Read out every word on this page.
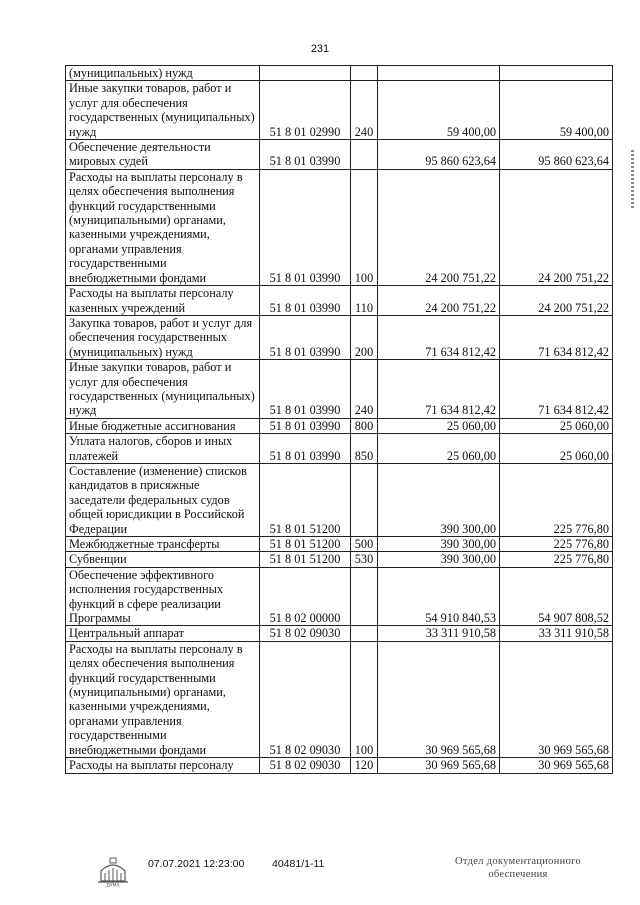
231
(муниципальных) нужд				
Иные закупки товаров, работ и услуг для обеспечения государственных (муниципальных) нужд	51 8 01 02990	240	59 400,00	59 400,00
Обеспечение деятельности мировых судей	51 8 01 03990		95 860 623,64	95 860 623,64
Расходы на выплаты персоналу в целях обеспечения выполнения функций государственными (муниципальными) органами, казенными учреждениями, органами управления государственными внебюджетными фондами	51 8 01 03990	100	24 200 751,22	24 200 751,22
Расходы на выплаты персоналу казенных учреждений	51 8 01 03990	110	24 200 751,22	24 200 751,22
Закупка товаров, работ и услуг для обеспечения государственных (муниципальных) нужд	51 8 01 03990	200	71 634 812,42	71 634 812,42
Иные закупки товаров, работ и услуг для обеспечения государственных (муниципальных) нужд	51 8 01 03990	240	71 634 812,42	71 634 812,42
Иные бюджетные ассигнования	51 8 01 03990	800	25 060,00	25 060,00
Уплата налогов, сборов и иных платежей	51 8 01 03990	850	25 060,00	25 060,00
Составление (изменение) списков кандидатов в присяжные заседатели федеральных судов общей юрисдикции в Российской Федерации	51 8 01 51200		390 300,00	225 776,80
Межбюджетные трансферты	51 8 01 51200	500	390 300,00	225 776,80
Субвенции	51 8 01 51200	530	390 300,00	225 776,80
Обеспечение эффективного исполнения государственных функций в сфере реализации Программы	51 8 02 00000		54 910 840,53	54 907 808,52
Центральный аппарат	51 8 02 09030		33 311 910,58	33 311 910,58
Расходы на выплаты персоналу в целях обеспечения выполнения функций государственными (муниципальными) органами, казенными учреждениями, органами управления государственными внебюджетными фондами	51 8 02 09030	100	30 969 565,68	30 969 565,68
Расходы на выплаты персоналу	51 8 02 09030	120	30 969 565,68	30 969 565,68
ДУМА
07.07.2021 12:23:00	40481/1-11	Отдел документационного обеспечения
